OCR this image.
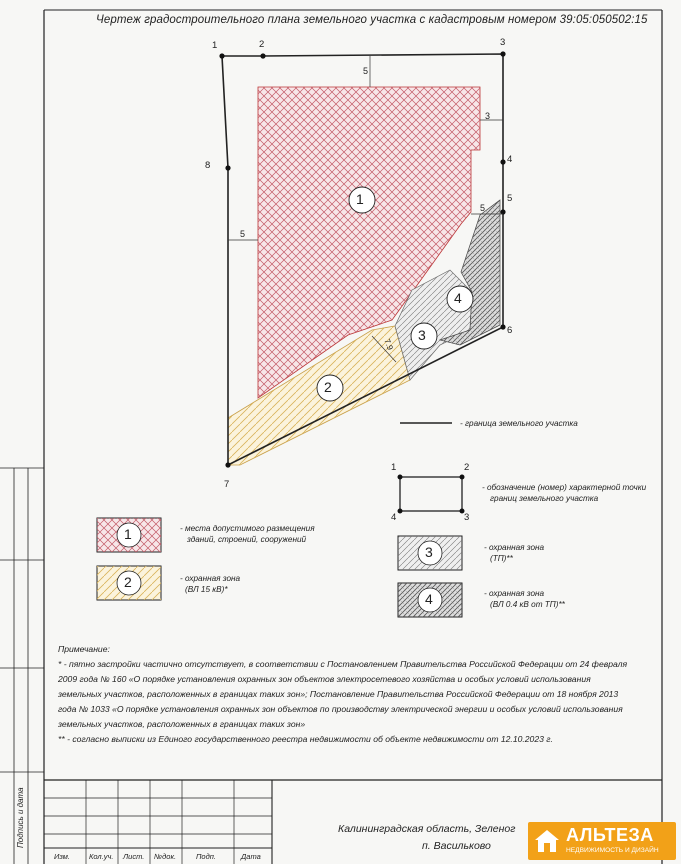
Чертеж градостроительного плана земельного участка с кадастровым номером 39:05:050502:15
1	2	3
4
5
6
7
8
5
3
5
5
7.9
1
2
3
4
- граница земельного участка
1	2
3
4
- обозначение (номер) характерной точки
границ земельного участка
1	- места допустимого размещения
зданий, строений, сооружений
2	- охранная зона
(ВЛ 15 кВ)*
3	- охранная зона
(ТП)**
4	- охранная зона
(ВЛ 0.4 кВ от ТП)**

Примечание:

* - пятно застройки частично отсутствует, в соответствии с Постановлением Правительства Российской Федерации от 24 февраля

2009 года № 160 «О порядке установления охранных зон объектов электросетевого хозяйства и особых условий использования

земельных участков, расположенных в границах таких зон»; Постановление Правительства Российской Федерации от 18 ноября 2013

года № 1033 «О порядке установления охранных зон объектов по производству электрической энергии и особых условий использования

земельных участков, расположенных в границах таких зон»

** - согласно выписки из Единого государственного реестра недвижимости об объекте недвижимости от 12.10.2023 г.

Калининградская область, Зеленог
п. Васильково
Изм.	Кол.уч. Лист. №док.	Подп.	Дата
Подпись и дата	АЛЬТЕЗА
НЕДВИЖИМОСТЬ И ДИЗАЙН
